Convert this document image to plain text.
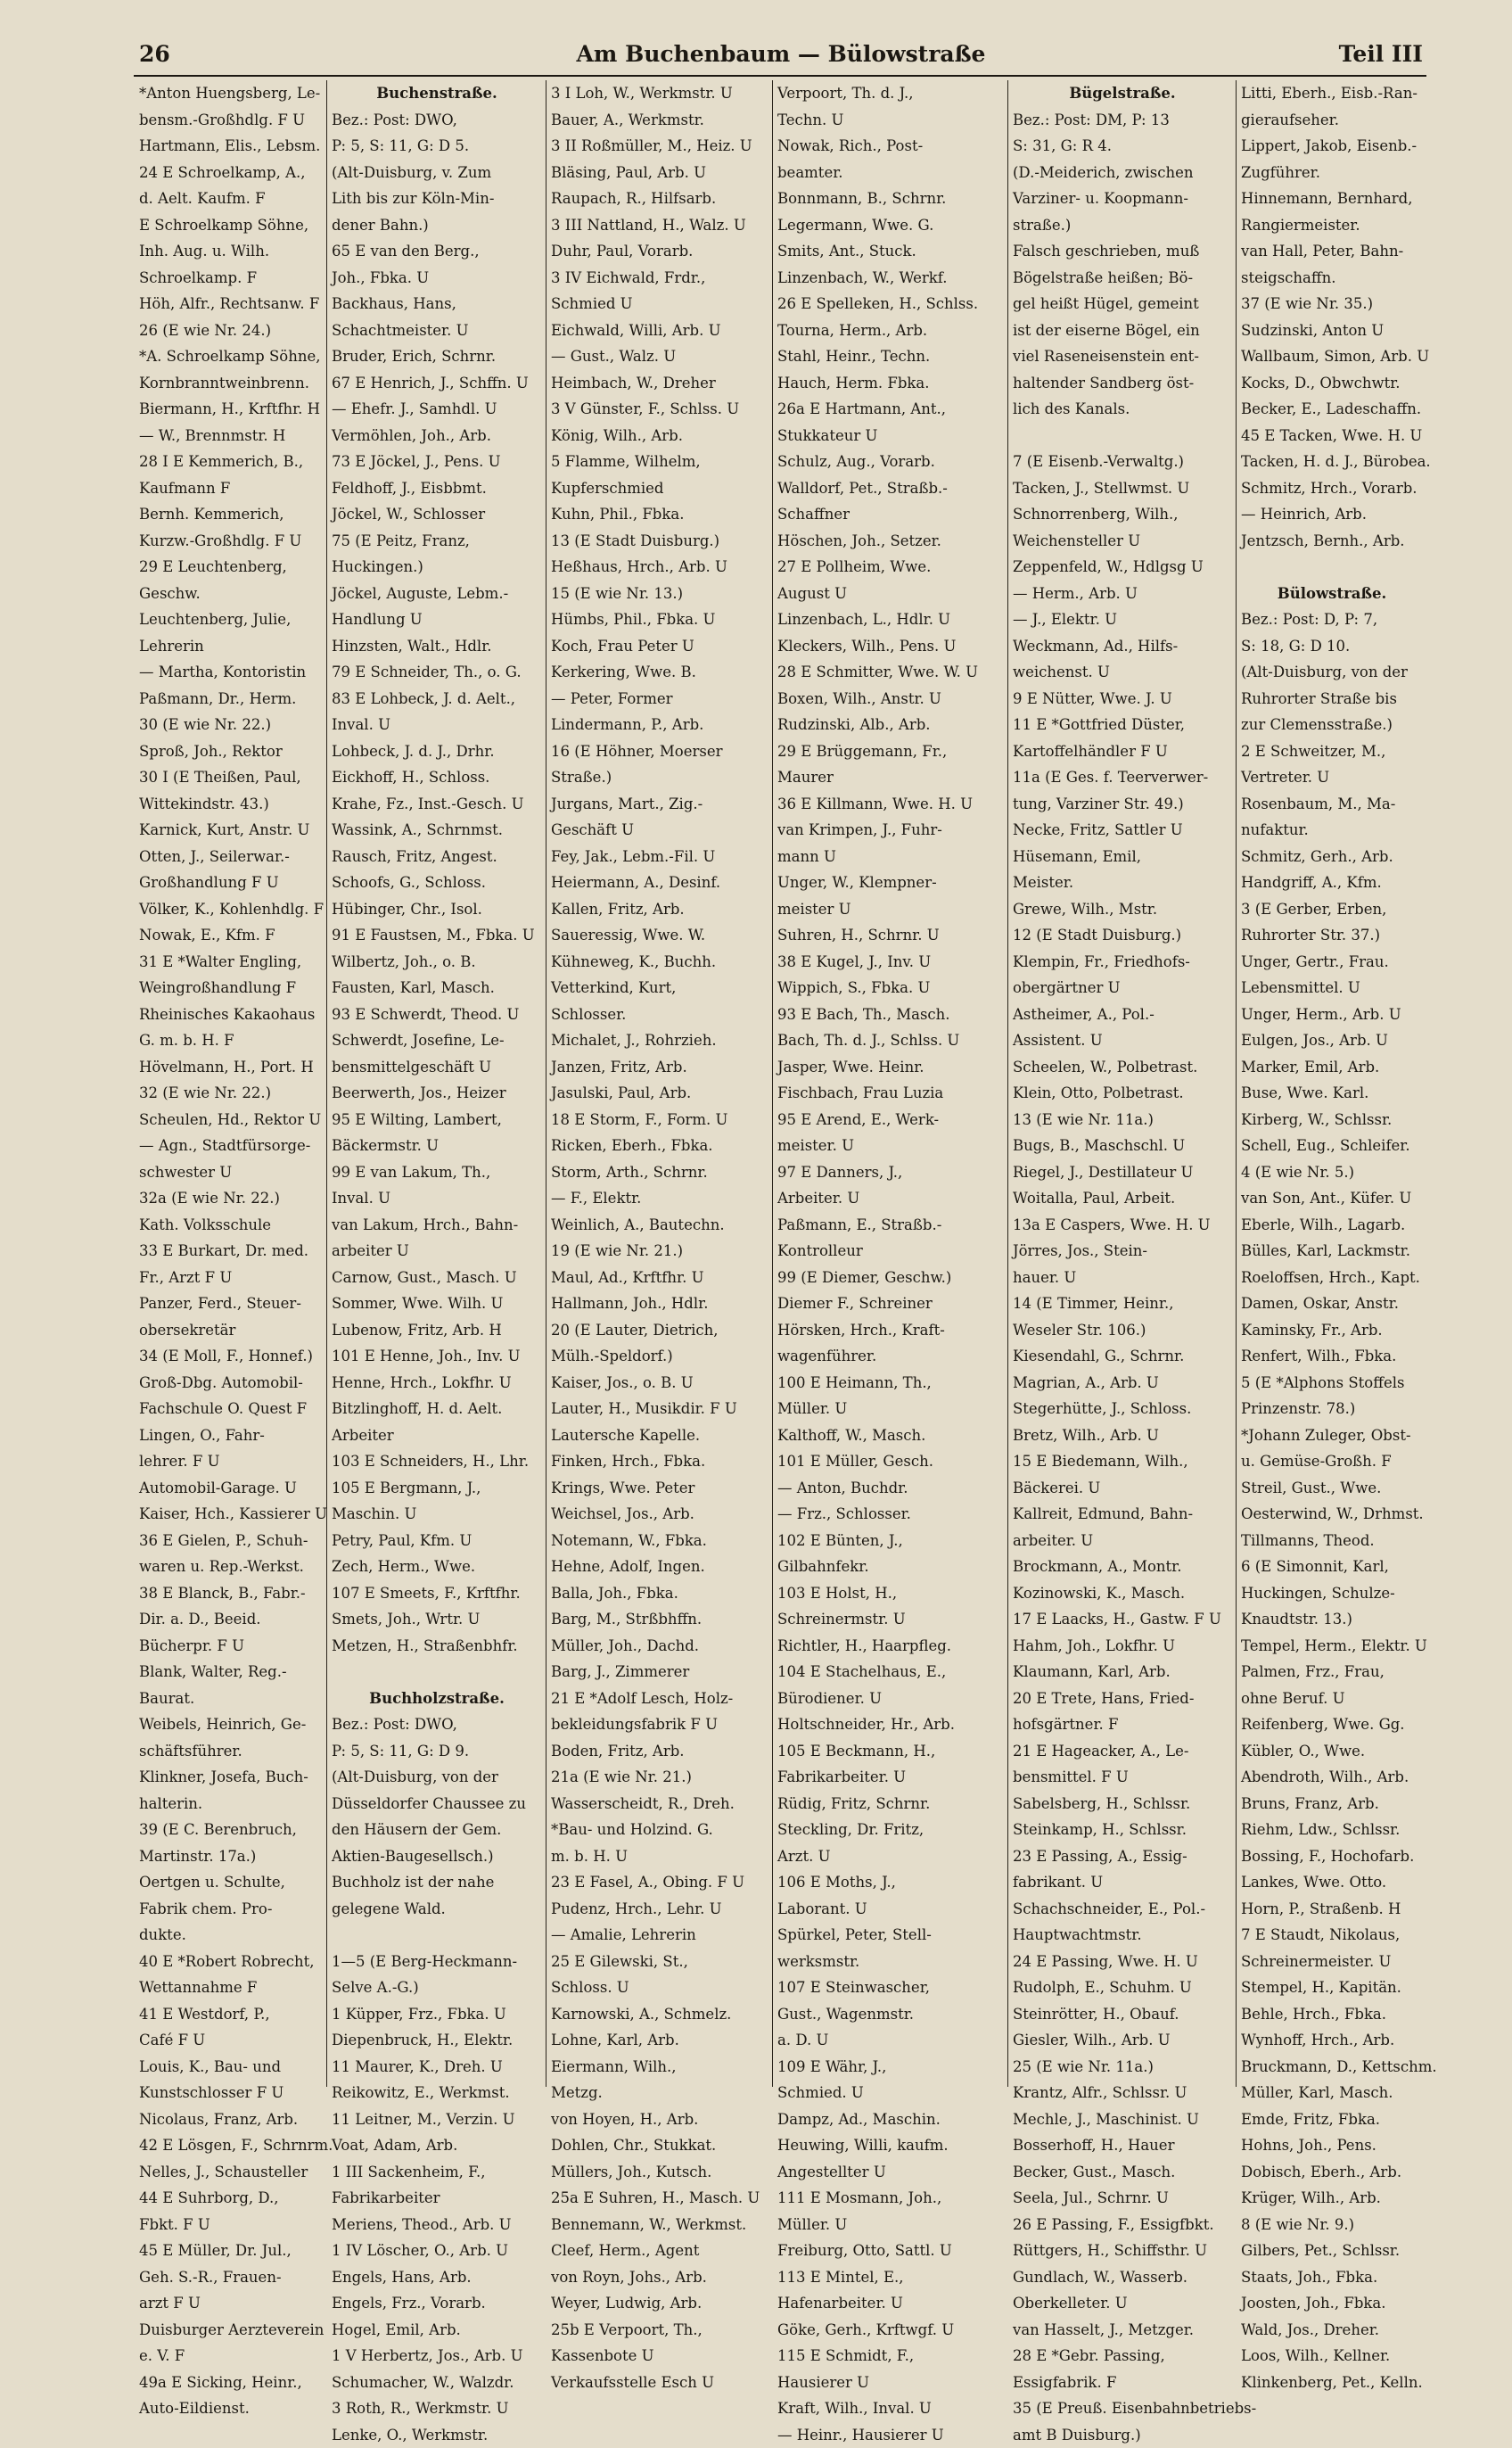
26	Am Buchenbaum — Bülowstraße	Teil III
*Anton Huengsberg, Le-
bensm.-Großhdlg. F U
Hartmann, Elis., Lebsm.
24 E Schroelkamp, A.,
d. Aelt. Kaufm. F
E Schroelkamp Söhne,
Inh. Aug. u. Wilh.
Schroelkamp. F
Höh, Alfr., Rechtsanw. F
26 (E wie Nr. 24.)
*A. Schroelkamp Söhne,
Kornbranntweinbrenn.
Biermann, H., Krftfhr. H
— W., Brennmstr. H
28 I E Kemmerich, B.,
Kaufmann F
Bernh. Kemmerich,
Kurzw.-Großhdlg. F U
29 E Leuchtenberg,
Geschw.
Leuchtenberg, Julie,
Lehrerin
— Martha, Kontoristin
Paßmann, Dr., Herm.
30 (E wie Nr. 22.)
Sproß, Joh., Rektor
30 I (E Theißen, Paul,
Wittekindstr. 43.)
Karnick, Kurt, Anstr. U
Otten, J., Seilerwar.-
Großhandlung F U
Völker, K., Kohlenhdlg. F
Nowak, E., Kfm. F
31 E *Walter Engling,
Weingroßhandlung F
Rheinisches Kakaohaus
G. m. b. H. F
Hövelmann, H., Port. H
32 (E wie Nr. 22.)
Scheulen, Hd., Rektor U
— Agn., Stadtfürsorge-
schwester U
32a (E wie Nr. 22.)
Kath. Volksschule
33 E Burkart, Dr. med.
Fr., Arzt F U
Panzer, Ferd., Steuer-
obersekretär
34 (E Moll, F., Honnef.)
Groß-Dbg. Automobil-
Fachschule O. Quest F
Lingen, O., Fahr-
lehrer. F U
Automobil-Garage. U
Kaiser, Hch., Kassierer U
36 E Gielen, P., Schuh-
waren u. Rep.-Werkst.
38 E Blanck, B., Fabr.-
Dir. a. D., Beeid.
Bücherpr. F U
Blank, Walter, Reg.-
Baurat.
Weibels, Heinrich, Ge-
schäftsführer.
Klinkner, Josefa, Buch-
halterin.
39 (E C. Berenbruch,
Martinstr. 17a.)
Oertgen u. Schulte,
Fabrik chem. Pro-
dukte.
40 E *Robert Robrecht,
Wettannahme F
41 E Westdorf, P.,
Café F U
Louis, K., Bau- und
Kunstschlosser F U
Nicolaus, Franz, Arb.
42 E Lösgen, F., Schrnrm.
Nelles, J., Schausteller
44 E Suhrborg, D.,
Fbkt. F U
45 E Müller, Dr. Jul.,
Geh. S.-R., Frauen-
arzt F U
Duisburger Aerzteverein
e. V. F
49a E Sicking, Heinr.,
Auto-Eildienst.
Buchenstraße.
Bez.: Post: DWO,
P: 5, S: 11, G: D 5.
(Alt-Duisburg, v. Zum
Lith bis zur Köln-Min-
dener Bahn.)
65 E van den Berg.,
Joh., Fbka. U
Backhaus, Hans,
Schachtmeister. U
Bruder, Erich, Schrnr.
67 E Henrich, J., Schffn. U
— Ehefr. J., Samhdl. U
Vermöhlen, Joh., Arb.
73 E Jöckel, J., Pens. U
Feldhoff, J., Eisbbmt.
Jöckel, W., Schlosser
75 (E Peitz, Franz,
Huckingen.)
Jöckel, Auguste, Lebm.-
Handlung U
Hinzsten, Walt., Hdlr.
79 E Schneider, Th., o. G.
83 E Lohbeck, J. d. Aelt.,
Inval. U
Lohbeck, J. d. J., Drhr.
Eickhoff, H., Schloss.
Krahe, Fz., Inst.-Gesch. U
Wassink, A., Schrnmst.
Rausch, Fritz, Angest.
Schoofs, G., Schloss.
Hübinger, Chr., Isol.
91 E Faustsen, M., Fbka. U
Wilbertz, Joh., o. B.
Fausten, Karl, Masch.
93 E Schwerdt, Theod. U
Schwerdt, Josefine, Le-
bensmittelgeschäft U
Beerwerth, Jos., Heizer
95 E Wilting, Lambert,
Bäckermstr. U
99 E van Lakum, Th.,
Inval. U
van Lakum, Hrch., Bahn-
arbeiter U
Carnow, Gust., Masch. U
Sommer, Wwe. Wilh. U
Lubenow, Fritz, Arb. H
101 E Henne, Joh., Inv. U
Henne, Hrch., Lokfhr. U
Bitzlinghoff, H. d. Aelt.
Arbeiter
103 E Schneiders, H., Lhr.
105 E Bergmann, J.,
Maschin. U
Petry, Paul, Kfm. U
Zech, Herm., Wwe.
107 E Smeets, F., Krftfhr.
Smets, Joh., Wrtr. U
Metzen, H., Straßenbhfr.

Buchholzstraße.
Bez.: Post: DWO,
P: 5, S: 11, G: D 9.
(Alt-Duisburg, von der
Düsseldorfer Chaussee zu
den Häusern der Gem.
Aktien-Baugesellsch.)
Buchholz ist der nahe
gelegene Wald.

1—5 (E Berg-Heckmann-
Selve A.-G.)
1 Küpper, Frz., Fbka. U
Diepenbruck, H., Elektr.
11 Maurer, K., Dreh. U
Reikowitz, E., Werkmst.
11 Leitner, M., Verzin. U
Voat, Adam, Arb.
1 III Sackenheim, F.,
Fabrikarbeiter
Meriens, Theod., Arb. U
1 IV Löscher, O., Arb. U
Engels, Hans, Arb.
Engels, Frz., Vorarb.
Hogel, Emil, Arb.
1 V Herbertz, Jos., Arb. U
Schumacher, W., Walzdr.
3 Roth, R., Werkmstr. U
Lenke, O., Werkmstr.
3 I Loh, W., Werkmstr. U
Bauer, A., Werkmstr.
3 II Roßmüller, M., Heiz. U
Bläsing, Paul, Arb. U
Raupach, R., Hilfsarb.
3 III Nattland, H., Walz. U
Duhr, Paul, Vorarb.
3 IV Eichwald, Frdr.,
Schmied U
Eichwald, Willi, Arb. U
— Gust., Walz. U
Heimbach, W., Dreher
3 V Günster, F., Schlss. U
König, Wilh., Arb.
5 Flamme, Wilhelm,
Kupferschmied
Kuhn, Phil., Fbka.
13 (E Stadt Duisburg.)
Heßhaus, Hrch., Arb. U
15 (E wie Nr. 13.)
Hümbs, Phil., Fbka. U
Koch, Frau Peter U
Kerkering, Wwe. B.
— Peter, Former
Lindermann, P., Arb.
16 (E Höhner, Moerser
Straße.)
Jurgans, Mart., Zig.-
Geschäft U
Fey, Jak., Lebm.-Fil. U
Heiermann, A., Desinf.
Kallen, Fritz, Arb.
Saueressig, Wwe. W.
Kühneweg, K., Buchh.
Vetterkind, Kurt,
Schlosser.
Michalet, J., Rohrzieh.
Janzen, Fritz, Arb.
Jasulski, Paul, Arb.
18 E Storm, F., Form. U
Ricken, Eberh., Fbka.
Storm, Arth., Schrnr.
— F., Elektr.
Weinlich, A., Bautechn.
19 (E wie Nr. 21.)
Maul, Ad., Krftfhr. U
Hallmann, Joh., Hdlr.
20 (E Lauter, Dietrich,
Mülh.-Speldorf.)
Kaiser, Jos., o. B. U
Lauter, H., Musikdir. F U
Lautersche Kapelle.
Finken, Hrch., Fbka.
Krings, Wwe. Peter
Weichsel, Jos., Arb.
Notemann, W., Fbka.
Hehne, Adolf, Ingen.
Balla, Joh., Fbka.
Barg, M., Strßbhffn.
Müller, Joh., Dachd.
Barg, J., Zimmerer
21 E *Adolf Lesch, Holz-
bekleidungsfabrik F U
Boden, Fritz, Arb.
21a (E wie Nr. 21.)
Wasserscheidt, R., Dreh.
*Bau- und Holzind. G.
m. b. H. U
23 E Fasel, A., Obing. F U
Pudenz, Hrch., Lehr. U
— Amalie, Lehrerin
25 E Gilewski, St.,
Schloss. U
Karnowski, A., Schmelz.
Lohne, Karl, Arb.
Eiermann, Wilh.,
Metzg.
von Hoyen, H., Arb.
Dohlen, Chr., Stukkat.
Müllers, Joh., Kutsch.
25a E Suhren, H., Masch. U
Bennemann, W., Werkmst.
Cleef, Herm., Agent
von Royn, Johs., Arb.
Weyer, Ludwig, Arb.
25b E Verpoort, Th.,
Kassenbote U
Verkaufsstelle Esch U
Verpoort, Th. d. J.,
Techn. U
Nowak, Rich., Post-
beamter.
Bonnmann, B., Schrnr.
Legermann, Wwe. G.
Smits, Ant., Stuck.
Linzenbach, W., Werkf.
26 E Spelleken, H., Schlss.
Tourna, Herm., Arb.
Stahl, Heinr., Techn.
Hauch, Herm. Fbka.
26a E Hartmann, Ant.,
Stukkateur U
Schulz, Aug., Vorarb.
Walldorf, Pet., Straßb.-
Schaffner
Höschen, Joh., Setzer.
27 E Pollheim, Wwe.
August U
Linzenbach, L., Hdlr. U
Kleckers, Wilh., Pens. U
28 E Schmitter, Wwe. W. U
Boxen, Wilh., Anstr. U
Rudzinski, Alb., Arb.
29 E Brüggemann, Fr.,
Maurer
36 E Killmann, Wwe. H. U
van Krimpen, J., Fuhr-
mann U
Unger, W., Klempner-
meister U
Suhren, H., Schrnr. U
38 E Kugel, J., Inv. U
Wippich, S., Fbka. U
93 E Bach, Th., Masch.
Bach, Th. d. J., Schlss. U
Jasper, Wwe. Heinr.
Fischbach, Frau Luzia
95 E Arend, E., Werk-
meister. U
97 E Danners, J.,
Arbeiter. U
Paßmann, E., Straßb.-
Kontrolleur
99 (E Diemer, Geschw.)
Diemer F., Schreiner
Hörsken, Hrch., Kraft-
wagenführer.
100 E Heimann, Th.,
Müller. U
Kalthoff, W., Masch.
101 E Müller, Gesch.
— Anton, Buchdr.
— Frz., Schlosser.
102 E Bünten, J.,
Gilbahnfekr.
103 E Holst, H.,
Schreinermstr. U
Richtler, H., Haarpfleg.
104 E Stachelhaus, E.,
Bürodiener. U
Holtschneider, Hr., Arb.
105 E Beckmann, H.,
Fabrikarbeiter. U
Rüdig, Fritz, Schrnr.
Steckling, Dr. Fritz,
Arzt. U
106 E Moths, J.,
Laborant. U
Spürkel, Peter, Stell-
werksmstr.
107 E Steinwascher,
Gust., Wagenmstr.
a. D. U
109 E Währ, J.,
Schmied. U
Dampz, Ad., Maschin.
Heuwing, Willi, kaufm.
Angestellter U
111 E Mosmann, Joh.,
Müller. U
Freiburg, Otto, Sattl. U
113 E Mintel, E.,
Hafenarbeiter. U
Göke, Gerh., Krftwgf. U
115 E Schmidt, F.,
Hausierer U
Kraft, Wilh., Inval. U
— Heinr., Hausierer U
Bügelstraße.
Bez.: Post: DM, P: 13
S: 31, G: R 4.
(D.-Meiderich, zwischen
Varziner- u. Koopmann-
straße.)
Falsch geschrieben, muß
Bögelstraße heißen; Bö-
gel heißt Hügel, gemeint
ist der eiserne Bögel, ein
viel Raseneisenstein ent-
haltender Sandberg öst-
lich des Kanals.

7 (E Eisenb.-Verwaltg.)
Tacken, J., Stellwmst. U
Schnorrenberg, Wilh.,
Weichensteller U
Zeppenfeld, W., Hdlgsg U
— Herm., Arb. U
— J., Elektr. U
Weckmann, Ad., Hilfs-
weichenst. U
9 E Nütter, Wwe. J. U
11 E *Gottfried Düster,
Kartoffelhändler F U
11a (E Ges. f. Teerverwer-
tung, Varziner Str. 49.)
Necke, Fritz, Sattler U
Hüsemann, Emil,
Meister.
Grewe, Wilh., Mstr.
12 (E Stadt Duisburg.)
Klempin, Fr., Friedhofs-
obergärtner U
Astheimer, A., Pol.-
Assistent. U
Scheelen, W., Polbetrast.
Klein, Otto, Polbetrast.
13 (E wie Nr. 11a.)
Bugs, B., Maschschl. U
Riegel, J., Destillateur U
Woitalla, Paul, Arbeit.
13a E Caspers, Wwe. H. U
Jörres, Jos., Stein-
hauer. U
14 (E Timmer, Heinr.,
Weseler Str. 106.)
Kiesendahl, G., Schrnr.
Magrian, A., Arb. U
Stegerhütte, J., Schloss.
Bretz, Wilh., Arb. U
15 E Biedemann, Wilh.,
Bäckerei. U
Kallreit, Edmund, Bahn-
arbeiter. U
Brockmann, A., Montr.
Kozinowski, K., Masch.
17 E Laacks, H., Gastw. F U
Hahm, Joh., Lokfhr. U
Klaumann, Karl, Arb.
20 E Trete, Hans, Fried-
hofsgärtner. F
21 E Hageacker, A., Le-
bensmittel. F U
Sabelsberg, H., Schlssr.
Steinkamp, H., Schlssr.
23 E Passing, A., Essig-
fabrikant. U
Schachschneider, E., Pol.-
Hauptwachtmstr.
24 E Passing, Wwe. H. U
Rudolph, E., Schuhm. U
Steinrötter, H., Obauf.
Giesler, Wilh., Arb. U
25 (E wie Nr. 11a.)
Krantz, Alfr., Schlssr. U
Mechle, J., Maschinist. U
Bosserhoff, H., Hauer
Becker, Gust., Masch.
Seela, Jul., Schrnr. U
26 E Passing, F., Essigfbkt.
Rüttgers, H., Schiffsthr. U
Gundlach, W., Wasserb.
Oberkelleter. U
van Hasselt, J., Metzger.
28 E *Gebr. Passing,
Essigfabrik. F
35 (E Preuß. Eisenbahnbetriebs-
amt B Duisburg.)
Litti, Eberh., Eisb.-Ran-
gieraufseher.
Lippert, Jakob, Eisenb.-
Zugführer.
Hinnemann, Bernhard,
Rangiermeister.
van Hall, Peter, Bahn-
steigschaffn.
37 (E wie Nr. 35.)
Sudzinski, Anton U
Wallbaum, Simon, Arb. U
Kocks, D., Obwchwtr.
Becker, E., Ladeschaffn.
45 E Tacken, Wwe. H. U
Tacken, H. d. J., Bürobea.
Schmitz, Hrch., Vorarb.
— Heinrich, Arb.
Jentzsch, Bernh., Arb.

Bülowstraße.
Bez.: Post: D, P: 7,
S: 18, G: D 10.
(Alt-Duisburg, von der
Ruhrorter Straße bis
zur Clemensstraße.)
2 E Schweitzer, M.,
Vertreter. U
Rosenbaum, M., Ma-
nufaktur.
Schmitz, Gerh., Arb.
Handgriff, A., Kfm.
3 (E Gerber, Erben,
Ruhrorter Str. 37.)
Unger, Gertr., Frau.
Lebensmittel. U
Unger, Herm., Arb. U
Eulgen, Jos., Arb. U
Marker, Emil, Arb.
Buse, Wwe. Karl.
Kirberg, W., Schlssr.
Schell, Eug., Schleifer.
4 (E wie Nr. 5.)
van Son, Ant., Küfer. U
Eberle, Wilh., Lagarb.
Bülles, Karl, Lackmstr.
Roeloffsen, Hrch., Kapt.
Damen, Oskar, Anstr.
Kaminsky, Fr., Arb.
Renfert, Wilh., Fbka.
5 (E *Alphons Stoffels
Prinzenstr. 78.)
*Johann Zuleger, Obst-
u. Gemüse-Großh. F
Streil, Gust., Wwe.
Oesterwind, W., Drhmst.
Tillmanns, Theod.
6 (E Simonnit, Karl,
Huckingen, Schulze-
Knaudtstr. 13.)
Tempel, Herm., Elektr. U
Palmen, Frz., Frau,
ohne Beruf. U
Reifenberg, Wwe. Gg.
Kübler, O., Wwe.
Abendroth, Wilh., Arb.
Bruns, Franz, Arb.
Riehm, Ldw., Schlssr.
Bossing, F., Hochofarb.
Lankes, Wwe. Otto.
Horn, P., Straßenb. H
7 E Staudt, Nikolaus,
Schreinermeister. U
Stempel, H., Kapitän.
Behle, Hrch., Fbka.
Wynhoff, Hrch., Arb.
Bruckmann, D., Kettschm.
Müller, Karl, Masch.
Emde, Fritz, Fbka.
Hohns, Joh., Pens.
Dobisch, Eberh., Arb.
Krüger, Wilh., Arb.
8 (E wie Nr. 9.)
Gilbers, Pet., Schlssr.
Staats, Joh., Fbka.
Joosten, Joh., Fbka.
Wald, Jos., Dreher.
Loos, Wilh., Kellner.
Klinkenberg, Pet., Kelln.
